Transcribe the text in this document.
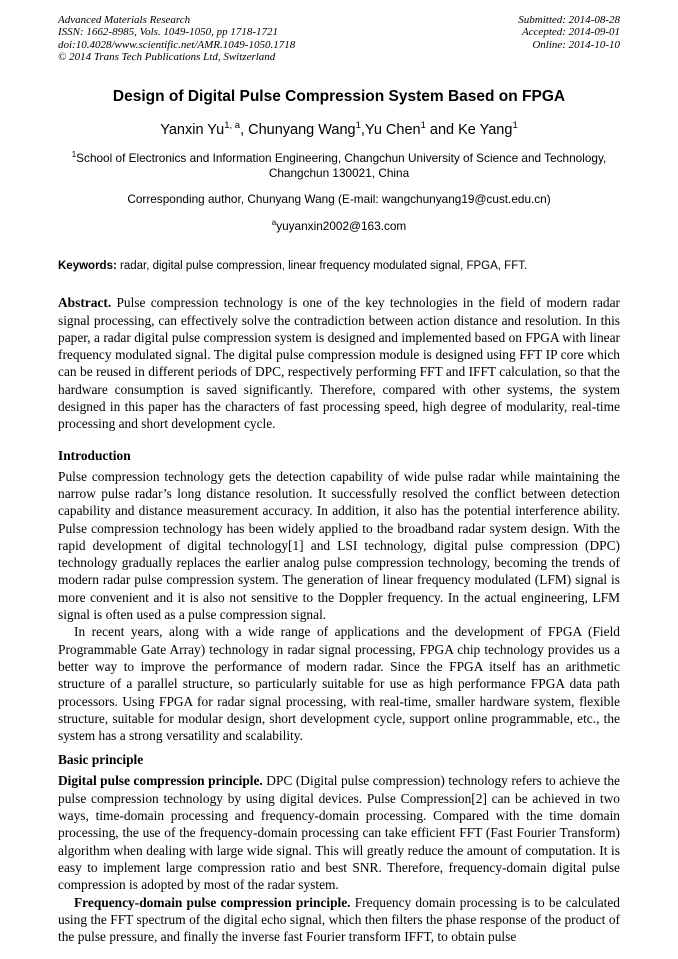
Advanced Materials Research
ISSN: 1662-8985, Vols. 1049-1050, pp 1718-1721
doi:10.4028/www.scientific.net/AMR.1049-1050.1718
© 2014 Trans Tech Publications Ltd, Switzerland
Submitted: 2014-08-28
Accepted: 2014-09-01
Online: 2014-10-10
Design of Digital Pulse Compression System Based on FPGA
Yanxin Yu$^{1, a}$, Chunyang Wang$^1$,Yu Chen$^1$ and Ke Yang$^1$
$^1$School of Electronics and Information Engineering, Changchun University of Science and Technology, Changchun 130021, China
Corresponding author, Chunyang Wang (E-mail: wangchunyang19@cust.edu.cn)
$^a$yuyanxin2002@163.com
Keywords: radar, digital pulse compression, linear frequency modulated signal, FPGA, FFT.

Abstract. Pulse compression technology is one of the key technologies in the field of modern radar signal processing, can effectively solve the contradiction between action distance and resolution. In this paper, a radar digital pulse compression system is designed and implemented based on FPGA with linear frequency modulated signal. The digital pulse compression module is designed using FFT IP core which can be reused in different periods of DPC, respectively performing FFT and IFFT calculation, so that the hardware consumption is saved significantly. Therefore, compared with other systems, the system designed in this paper has the characters of fast processing speed, high degree of modularity, real-time processing and short development cycle.

Introduction

Pulse compression technology gets the detection capability of wide pulse radar while maintaining the narrow pulse radar’s long distance resolution. It successfully resolved the conflict between detection capability and distance measurement accuracy. In addition, it also has the potential interference ability. Pulse compression technology has been widely applied to the broadband radar system design. With the rapid development of digital technology[1] and LSI technology, digital pulse compression (DPC) technology gradually replaces the earlier analog pulse compression technology, becoming the trends of modern radar pulse compression system. The generation of linear frequency modulated (LFM) signal is more convenient and it is also not sensitive to the Doppler frequency. In the actual engineering, LFM signal is often used as a pulse compression signal.

In recent years, along with a wide range of applications and the development of FPGA (Field Programmable Gate Array) technology in radar signal processing, FPGA chip technology provides us a better way to improve the performance of modern radar. Since the FPGA itself has an arithmetic structure of a parallel structure, so particularly suitable for use as high performance FPGA data path processors. Using FPGA for radar signal processing, with real-time, smaller hardware system, flexible structure, suitable for modular design, short development cycle, support online programmable, etc., the system has a strong versatility and scalability.

Basic principle

Digital pulse compression principle. DPC (Digital pulse compression) technology refers to achieve the pulse compression technology by using digital devices. Pulse Compression[2] can be achieved in two ways, time-domain processing and frequency-domain processing. Compared with the time domain processing, the use of the frequency-domain processing can take efficient FFT (Fast Fourier Transform) algorithm when dealing with large wide signal. This will greatly reduce the amount of computation. It is easy to implement large compression ratio and best SNR. Therefore, frequency-domain digital pulse compression is adopted by most of the radar system.

Frequency-domain pulse compression principle. Frequency domain processing is to be calculated using the FFT spectrum of the digital echo signal, which then filters the phase response of the product of the pulse pressure, and finally the inverse fast Fourier transform IFFT, to obtain pulse
